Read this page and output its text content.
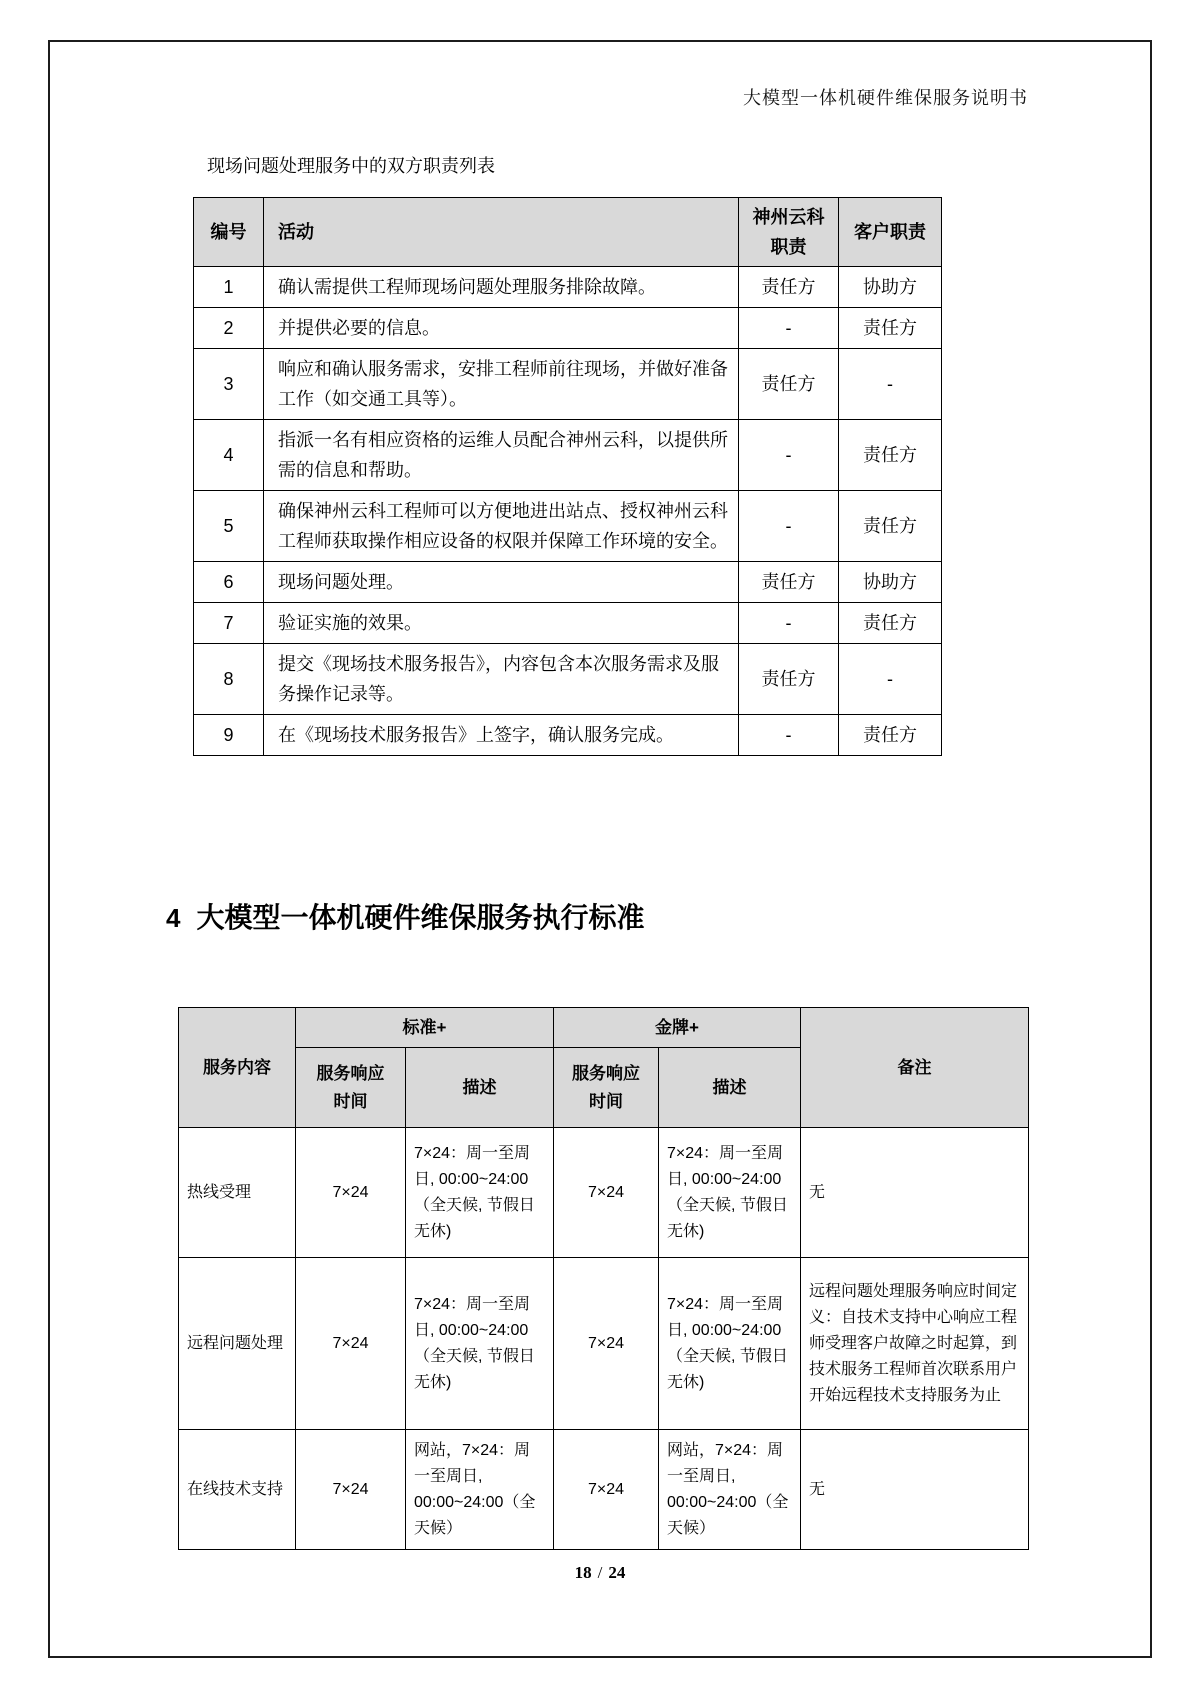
大模型一体机硬件维保服务说明书
现场问题处理服务中的双方职责列表
编号	活动	神州云科职责	客户职责
1	确认需提供工程师现场问题处理服务排除故障。	责任方	协助方
2	并提供必要的信息。	-	责任方
3	响应和确认服务需求，安排工程师前往现场，并做好准备工作（如交通工具等）。	责任方	-
4	指派一名有相应资格的运维人员配合神州云科，以提供所需的信息和帮助。	-	责任方
5	确保神州云科工程师可以方便地进出站点、授权神州云科工程师获取操作相应设备的权限并保障工作环境的安全。	-	责任方
6	现场问题处理。	责任方	协助方
7	验证实施的效果。	-	责任方
8	提交《现场技术服务报告》，内容包含本次服务需求及服务操作记录等。	责任方	-
9	在《现场技术服务报告》上签字，确认服务完成。	-	责任方
4 大模型一体机硬件维保服务执行标准
服务内容	标准+		金牌+		备注
	服务响应时间	描述	服务响应时间	描述	
热线受理	7×24	7×24：周一至周日, 00:00~24:00（全天候, 节假日无休)	7×24	7×24：周一至周日, 00:00~24:00（全天候, 节假日无休)	无
远程问题处理	7×24	7×24：周一至周日, 00:00~24:00（全天候, 节假日无休)	7×24	7×24：周一至周日, 00:00~24:00（全天候, 节假日无休)	远程问题处理服务响应时间定义：自技术支持中心响应工程师受理客户故障之时起算，到技术服务工程师首次联系用户开始远程技术支持服务为止
在线技术支持	7×24	网站，7×24：周一至周日, 00:00~24:00（全天候）	7×24	网站，7×24：周一至周日, 00:00~24:00（全天候）	无
18 / 24
